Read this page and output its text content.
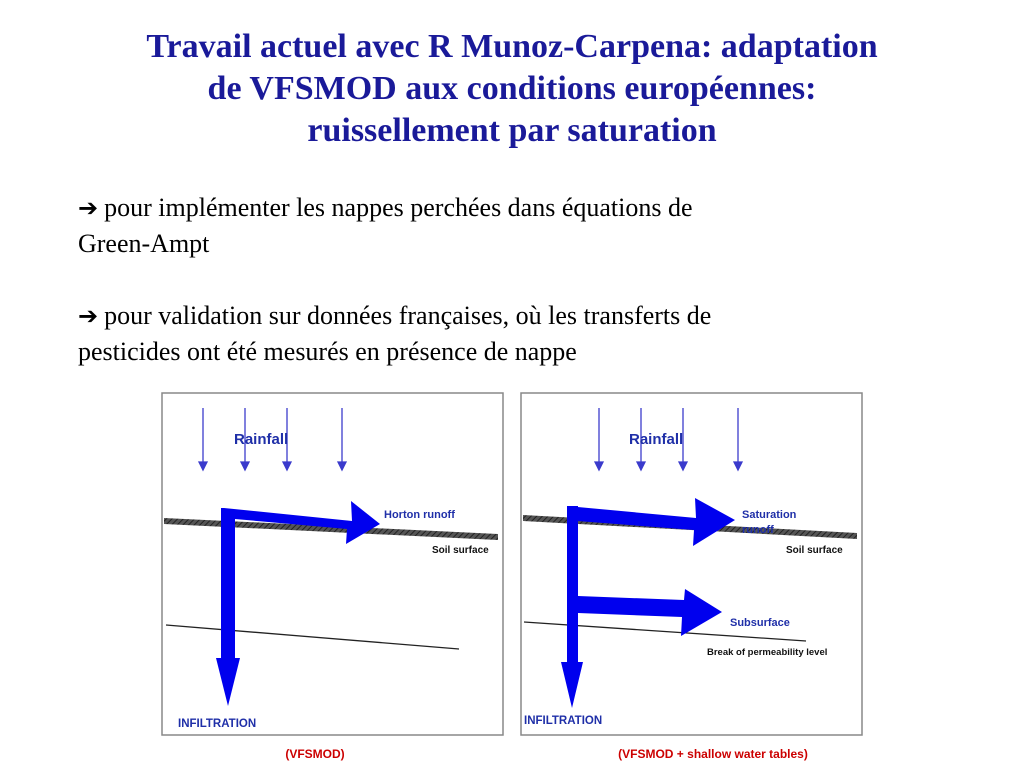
Travail actuel avec R Munoz-Carpena: adaptation
de VFSMOD aux conditions européennes:
ruissellement par saturation

➔ pour implémenter les nappes perchées dans équations de
Green-Ampt

➔ pour validation sur données françaises, où les transferts de
pesticides ont été mesurés en présence de nappe

Rainfall
Soil surface
Horton runoff
INFILTRATION
Rainfall
Soil surface
Saturation
runoff
Subsurface
Break of permeability level
INFILTRATION
(VFSMOD)	(VFSMOD + shallow water tables)
